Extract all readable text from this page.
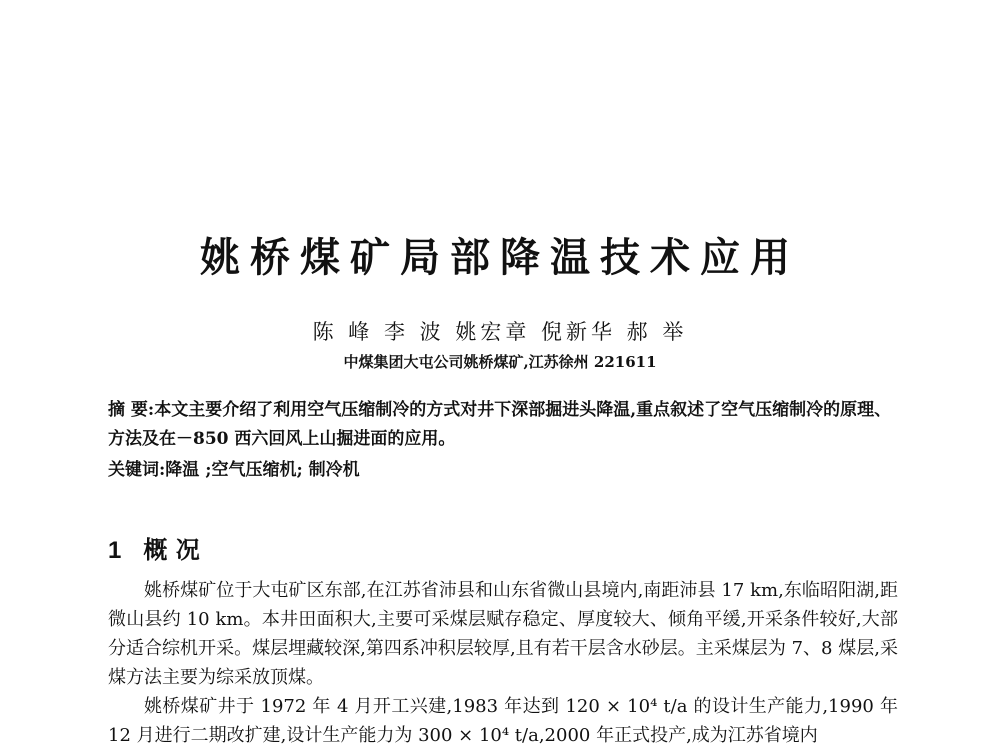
姚桥煤矿局部降温技术应用

陈 峰 李 波 姚宏章 倪新华 郝 举

中煤集团大屯公司姚桥煤矿,江苏徐州 221611

摘 要:本文主要介绍了利用空气压缩制冷的方式对井下深部掘进头降温,重点叙述了空气压缩制冷的原理、方法及在－850 西六回风上山掘进面的应用。

关键词:降温 ;空气压缩机; 制冷机

1 概 况

姚桥煤矿位于大屯矿区东部,在江苏省沛县和山东省微山县境内,南距沛县 17 km,东临昭阳湖,距微山县约 10 km。本井田面积大,主要可采煤层赋存稳定、厚度较大、倾角平缓,开采条件较好,大部分适合综机开采。煤层埋藏较深,第四系冲积层较厚,且有若干层含水砂层。主采煤层为 7、8 煤层,采煤方法主要为综采放顶煤。

姚桥煤矿井于 1972 年 4 月开工兴建,1983 年达到 120 × 10⁴ t/a 的设计生产能力,1990 年 12 月进行二期改扩建,设计生产能力为 300 × 10⁴ t/a,2000 年正式投产,成为江苏省境内
